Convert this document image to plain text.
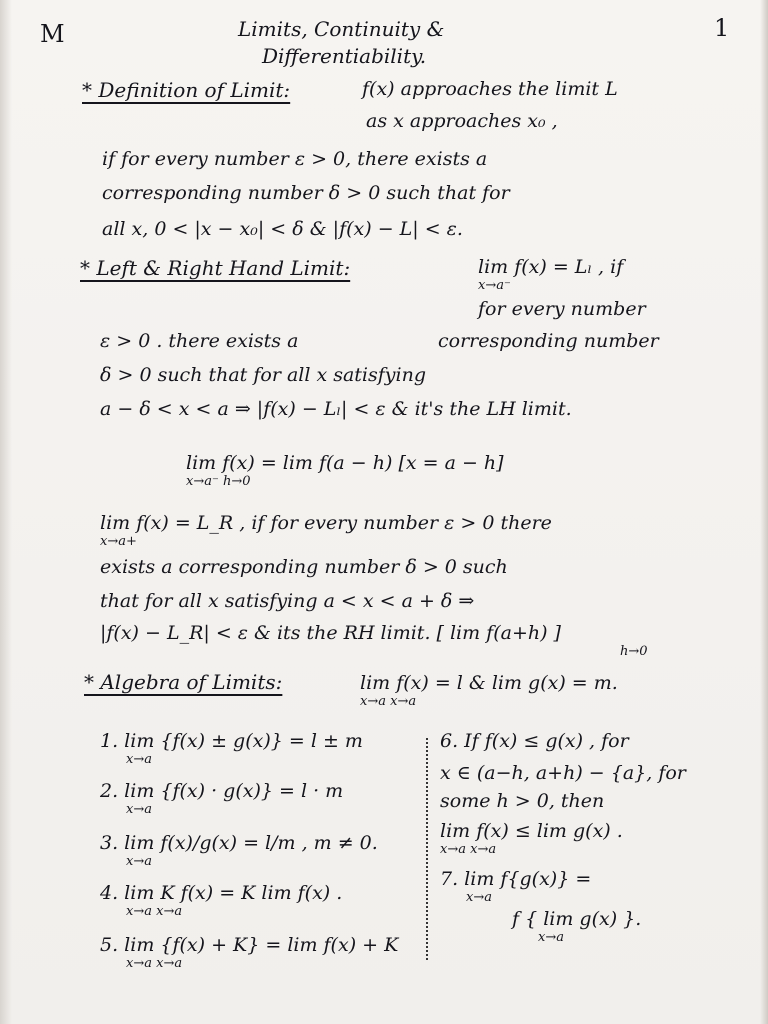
M	1
Limits, Continuity &
Differentiability.
* Definition of Limit:	f(x) approaches the limit L
as x approaches x₀ ,
if for every number ε > 0, there exists a
corresponding number δ > 0 such that for
all x, 0 < |x − x₀| < δ & |f(x) − L| < ε.
* Left & Right Hand Limit:	lim f(x) = Lₗ , if
x→a⁻
for every number
ε > 0 . there exists a	corresponding number
δ > 0 such that for all x satisfying
a − δ < x < a ⇒ |f(x) − Lₗ| < ε & it's the LH limit.
lim f(x) = lim f(a − h) [x = a − h]
x→a⁻ h→0
lim f(x) = L_R , if for every number ε > 0 there
x→a+
exists a corresponding number δ > 0 such
that for all x satisfying a < x < a + δ ⇒
|f(x) − L_R| < ε & its the RH limit. [ lim f(a+h) ]
h→0
* Algebra of Limits:	lim f(x) = l & lim g(x) = m.
x→a x→a
1. lim {f(x) ± g(x)} = l ± m
x→a
2. lim {f(x) · g(x)} = l · m
x→a
3. lim f(x)/g(x) = l/m , m ≠ 0.
x→a
4. lim K f(x) = K lim f(x) .
x→a x→a
5. lim {f(x) + K} = lim f(x) + K
x→a x→a
6. If f(x) ≤ g(x) , for
x ∈ (a−h, a+h) − {a}, for
some h > 0, then
lim f(x) ≤ lim g(x) .
x→a x→a
7. lim f{g(x)} =
x→a
f { lim g(x) }.
x→a
